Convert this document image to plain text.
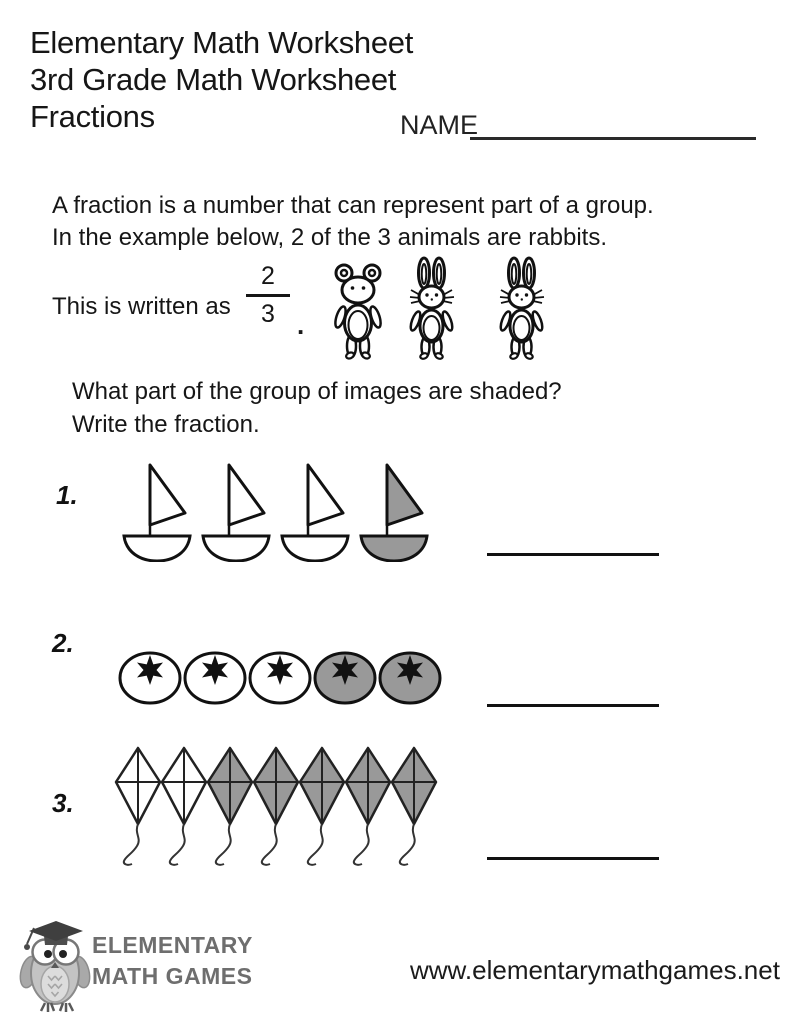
Elementary Math Worksheet
3rd Grade Math Worksheet
Fractions	NAME
A fraction is a number that can represent part of a group.
In the example below, 2 of the 3 animals are rabbits.
This is written as $\frac{2}{3}$ .
What part of the group of images are shaded?
Write the fraction.
1.
2.
3.
ELEMENTARY
MATH GAMES	www.elementarymathgames.net
